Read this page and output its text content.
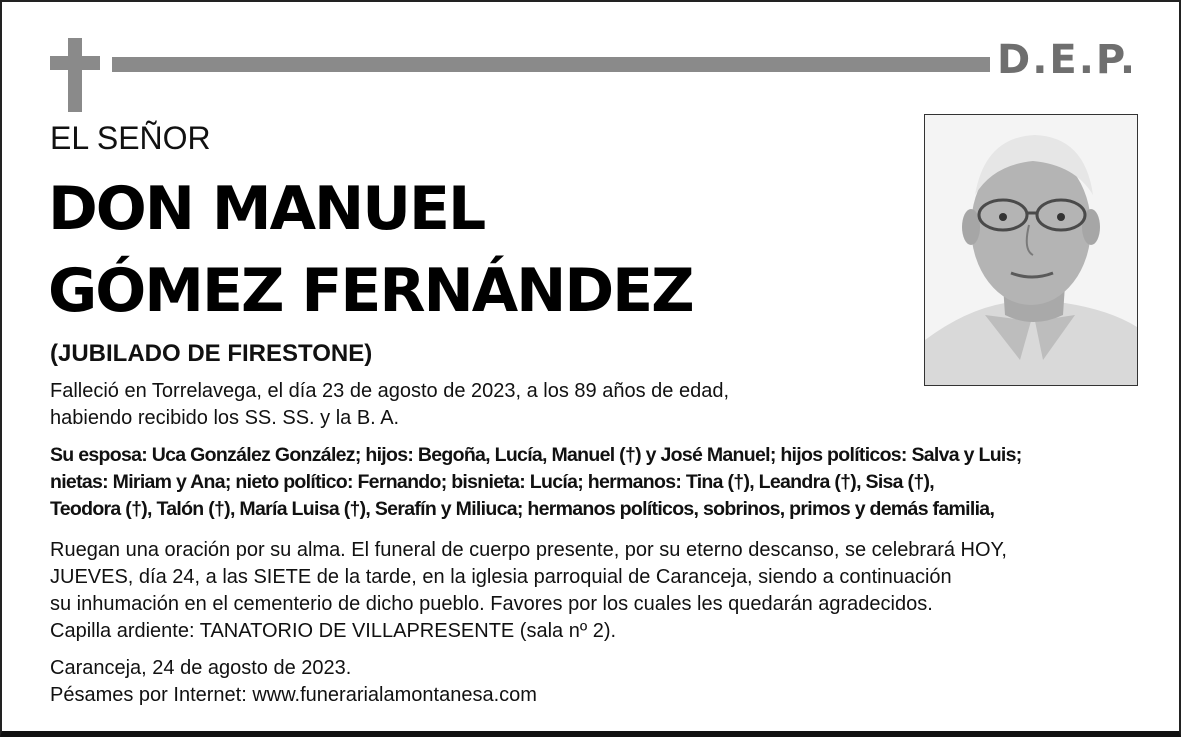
D.E.P.
EL SEÑOR
DON MANUEL
GÓMEZ FERNÁNDEZ
(JUBILADO DE FIRESTONE)
Falleció en Torrelavega, el día 23 de agosto de 2023, a los 89 años de edad,
habiendo recibido los SS. SS. y la B. A.
Su esposa: Uca González González; hijos: Begoña, Lucía, Manuel (†) y José Manuel; hijos políticos: Salva y Luis;
nietas: Miriam y Ana; nieto político: Fernando; bisnieta: Lucía; hermanos: Tina (†), Leandra (†), Sisa (†),
Teodora (†), Talón (†), María Luisa (†), Serafín y Miliuca; hermanos políticos, sobrinos, primos y demás familia,
Ruegan una oración por su alma. El funeral de cuerpo presente, por su eterno descanso, se celebrará HOY,
JUEVES, día 24, a las SIETE de la tarde, en la iglesia parroquial de Caranceja, siendo a continuación
su inhumación en el cementerio de dicho pueblo. Favores por los cuales les quedarán agradecidos.
Capilla ardiente: TANATORIO DE VILLAPRESENTE (sala nº 2).
Caranceja, 24 de agosto de 2023.
Pésames por Internet: www.funerarialamontanesa.com
